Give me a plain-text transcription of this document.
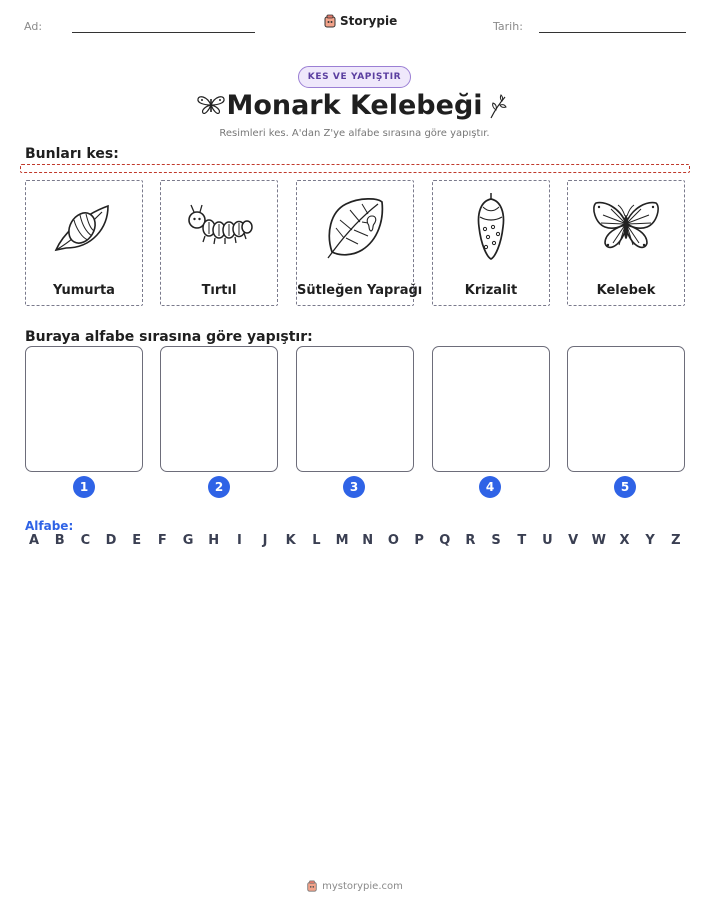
Ad:	Storypie	Tarih:
KES VE YAPIŞTIR
Monark Kelebeği
Resimleri kes. A'dan Z'ye alfabe sırasına göre yapıştır.
Bunları kes:
Yumurta	Tırtıl	Sütleğen Yaprağı	Krizalit	Kelebek
Buraya alfabe sırasına göre yapıştır:
1	2	3	4	5
Alfabe:
A	B	C	D	E	F	G H	I	J	K	L	M N O	P	Q	R	S	T	U	V	W	X	Y	Z
mystorypie.com
